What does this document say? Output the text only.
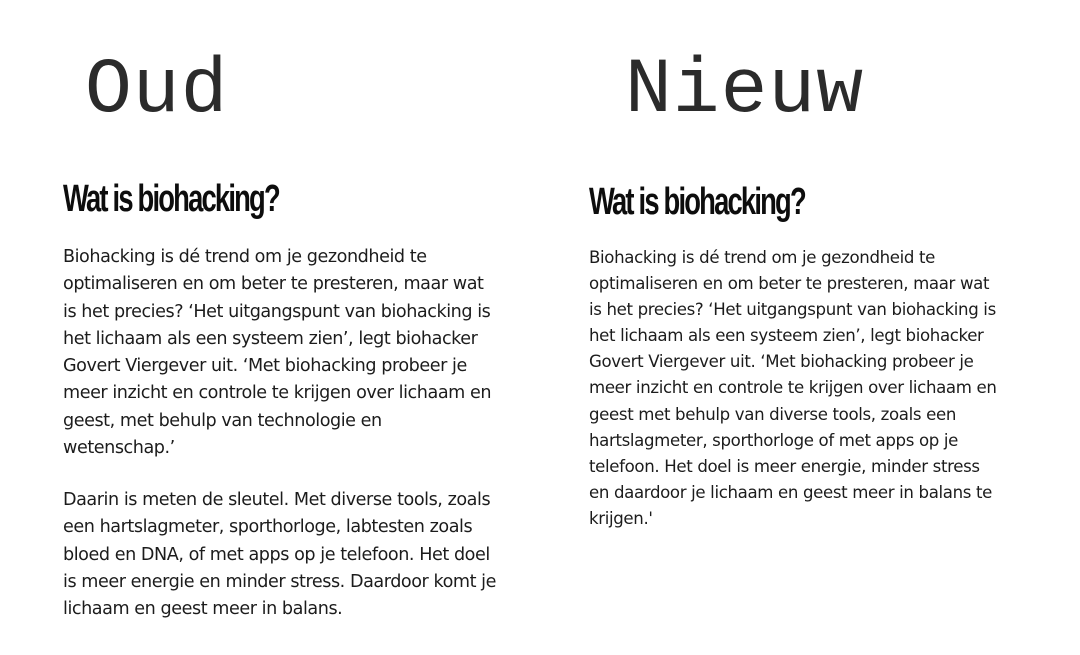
Oud
Wat is biohacking?

Biohacking is dé trend om je gezondheid te
optimaliseren en om beter te presteren, maar wat
is het precies? ‘Het uitgangspunt van biohacking is
het lichaam als een systeem zien’, legt biohacker
Govert Viergever uit. ‘Met biohacking probeer je
meer inzicht en controle te krijgen over lichaam en
geest, met behulp van technologie en
wetenschap.’

Daarin is meten de sleutel. Met diverse tools, zoals
een hartslagmeter, sporthorloge, labtesten zoals
bloed en DNA, of met apps op je telefoon. Het doel
is meer energie en minder stress. Daardoor komt je
lichaam en geest meer in balans.

Nieuw
Wat is biohacking?

Biohacking is dé trend om je gezondheid te
optimaliseren en om beter te presteren, maar wat
is het precies? ‘Het uitgangspunt van biohacking is
het lichaam als een systeem zien’, legt biohacker
Govert Viergever uit. ‘Met biohacking probeer je
meer inzicht en controle te krijgen over lichaam en
geest met behulp van diverse tools, zoals een
hartslagmeter, sporthorloge of met apps op je
telefoon. Het doel is meer energie, minder stress
en daardoor je lichaam en geest meer in balans te
krijgen.'
